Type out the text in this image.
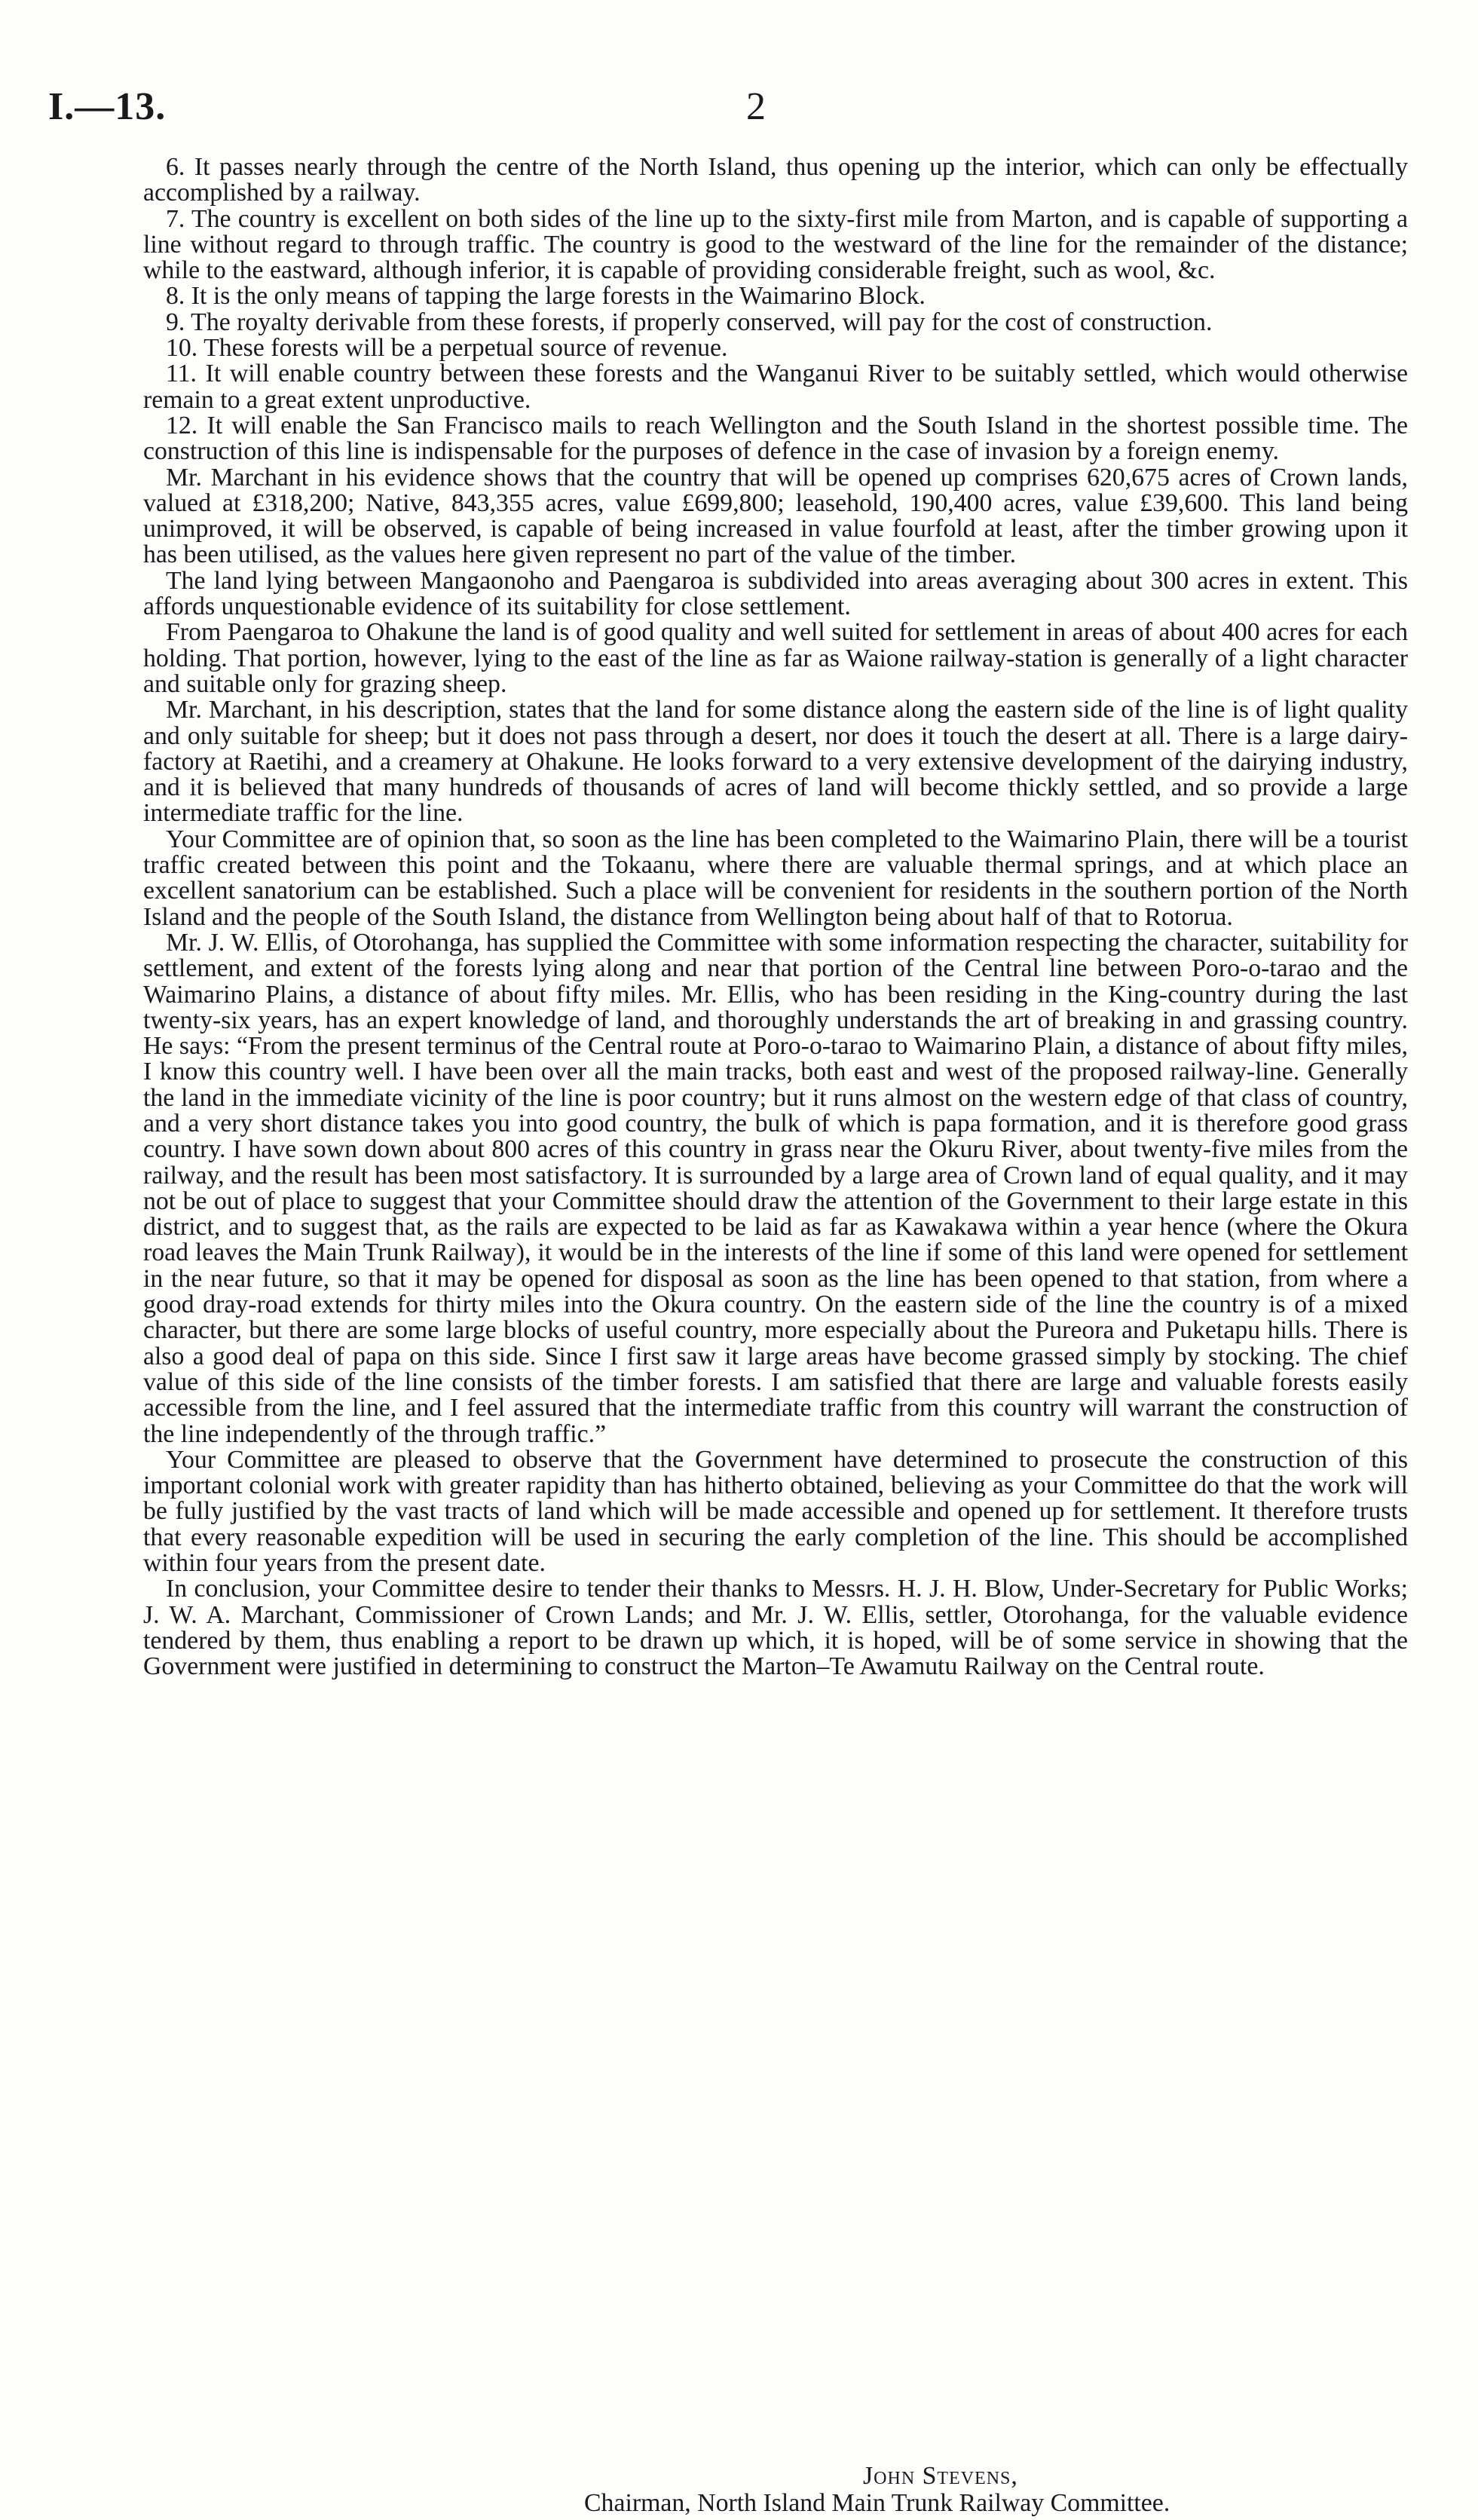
I.—13.	2

6. It passes nearly through the centre of the North Island, thus opening up the interior, which can only be effectually accomplished by a railway.

7. The country is excellent on both sides of the line up to the sixty-first mile from Marton, and is capable of supporting a line without regard to through traffic. The country is good to the westward of the line for the remainder of the distance; while to the eastward, although inferior, it is capable of providing considerable freight, such as wool, &c.

8. It is the only means of tapping the large forests in the Waimarino Block.

9. The royalty derivable from these forests, if properly conserved, will pay for the cost of construction.

10. These forests will be a perpetual source of revenue.

11. It will enable country between these forests and the Wanganui River to be suitably settled, which would otherwise remain to a great extent unproductive.

12. It will enable the San Francisco mails to reach Wellington and the South Island in the shortest possible time. The construction of this line is indispensable for the purposes of defence in the case of invasion by a foreign enemy.

Mr. Marchant in his evidence shows that the country that will be opened up comprises 620,675 acres of Crown lands, valued at £318,200; Native, 843,355 acres, value £699,800; leasehold, 190,400 acres, value £39,600. This land being unimproved, it will be observed, is capable of being increased in value fourfold at least, after the timber growing upon it has been utilised, as the values here given represent no part of the value of the timber.

The land lying between Mangaonoho and Paengaroa is subdivided into areas averaging about 300 acres in extent. This affords unquestionable evidence of its suitability for close settlement.

From Paengaroa to Ohakune the land is of good quality and well suited for settlement in areas of about 400 acres for each holding. That portion, however, lying to the east of the line as far as Waione railway-station is generally of a light character and suitable only for grazing sheep.

Mr. Marchant, in his description, states that the land for some distance along the eastern side of the line is of light quality and only suitable for sheep; but it does not pass through a desert, nor does it touch the desert at all. There is a large dairy-factory at Raetihi, and a creamery at Ohakune. He looks forward to a very extensive development of the dairying industry, and it is believed that many hundreds of thousands of acres of land will become thickly settled, and so provide a large intermediate traffic for the line.

Your Committee are of opinion that, so soon as the line has been completed to the Waimarino Plain, there will be a tourist traffic created between this point and the Tokaanu, where there are valuable thermal springs, and at which place an excellent sanatorium can be established. Such a place will be convenient for residents in the southern portion of the North Island and the people of the South Island, the distance from Wellington being about half of that to Rotorua.

Mr. J. W. Ellis, of Otorohanga, has supplied the Committee with some information respecting the character, suitability for settlement, and extent of the forests lying along and near that portion of the Central line between Poro-o-tarao and the Waimarino Plains, a distance of about fifty miles. Mr. Ellis, who has been residing in the King-country during the last twenty-six years, has an expert knowledge of land, and thoroughly understands the art of breaking in and grassing country. He says: “From the present terminus of the Central route at Poro-o-tarao to Waimarino Plain, a distance of about fifty miles, I know this country well. I have been over all the main tracks, both east and west of the proposed railway-line. Generally the land in the immediate vicinity of the line is poor country; but it runs almost on the western edge of that class of country, and a very short distance takes you into good country, the bulk of which is papa formation, and it is therefore good grass country. I have sown down about 800 acres of this country in grass near the Okuru River, about twenty-five miles from the railway, and the result has been most satisfactory. It is surrounded by a large area of Crown land of equal quality, and it may not be out of place to suggest that your Committee should draw the attention of the Government to their large estate in this district, and to suggest that, as the rails are expected to be laid as far as Kawakawa within a year hence (where the Okura road leaves the Main Trunk Railway), it would be in the interests of the line if some of this land were opened for settlement in the near future, so that it may be opened for disposal as soon as the line has been opened to that station, from where a good dray-road extends for thirty miles into the Okura country. On the eastern side of the line the country is of a mixed character, but there are some large blocks of useful country, more especially about the Pureora and Puketapu hills. There is also a good deal of papa on this side. Since I first saw it large areas have become grassed simply by stocking. The chief value of this side of the line consists of the timber forests. I am satisfied that there are large and valuable forests easily accessible from the line, and I feel assured that the intermediate traffic from this country will warrant the construction of the line independently of the through traffic.”

Your Committee are pleased to observe that the Government have determined to prosecute the construction of this important colonial work with greater rapidity than has hitherto obtained, believing as your Committee do that the work will be fully justified by the vast tracts of land which will be made accessible and opened up for settlement. It therefore trusts that every reasonable expedition will be used in securing the early completion of the line. This should be accomplished within four years from the present date.

In conclusion, your Committee desire to tender their thanks to Messrs. H. J. H. Blow, Under-Secretary for Public Works; J. W. A. Marchant, Commissioner of Crown Lands; and Mr. J. W. Ellis, settler, Otorohanga, for the valuable evidence tendered by them, thus enabling a report to be drawn up which, it is hoped, will be of some service in showing that the Government were justified in determining to construct the Marton–Te Awamutu Railway on the Central route.

John Stevens,
Chairman, North Island Main Trunk Railway Committee.
